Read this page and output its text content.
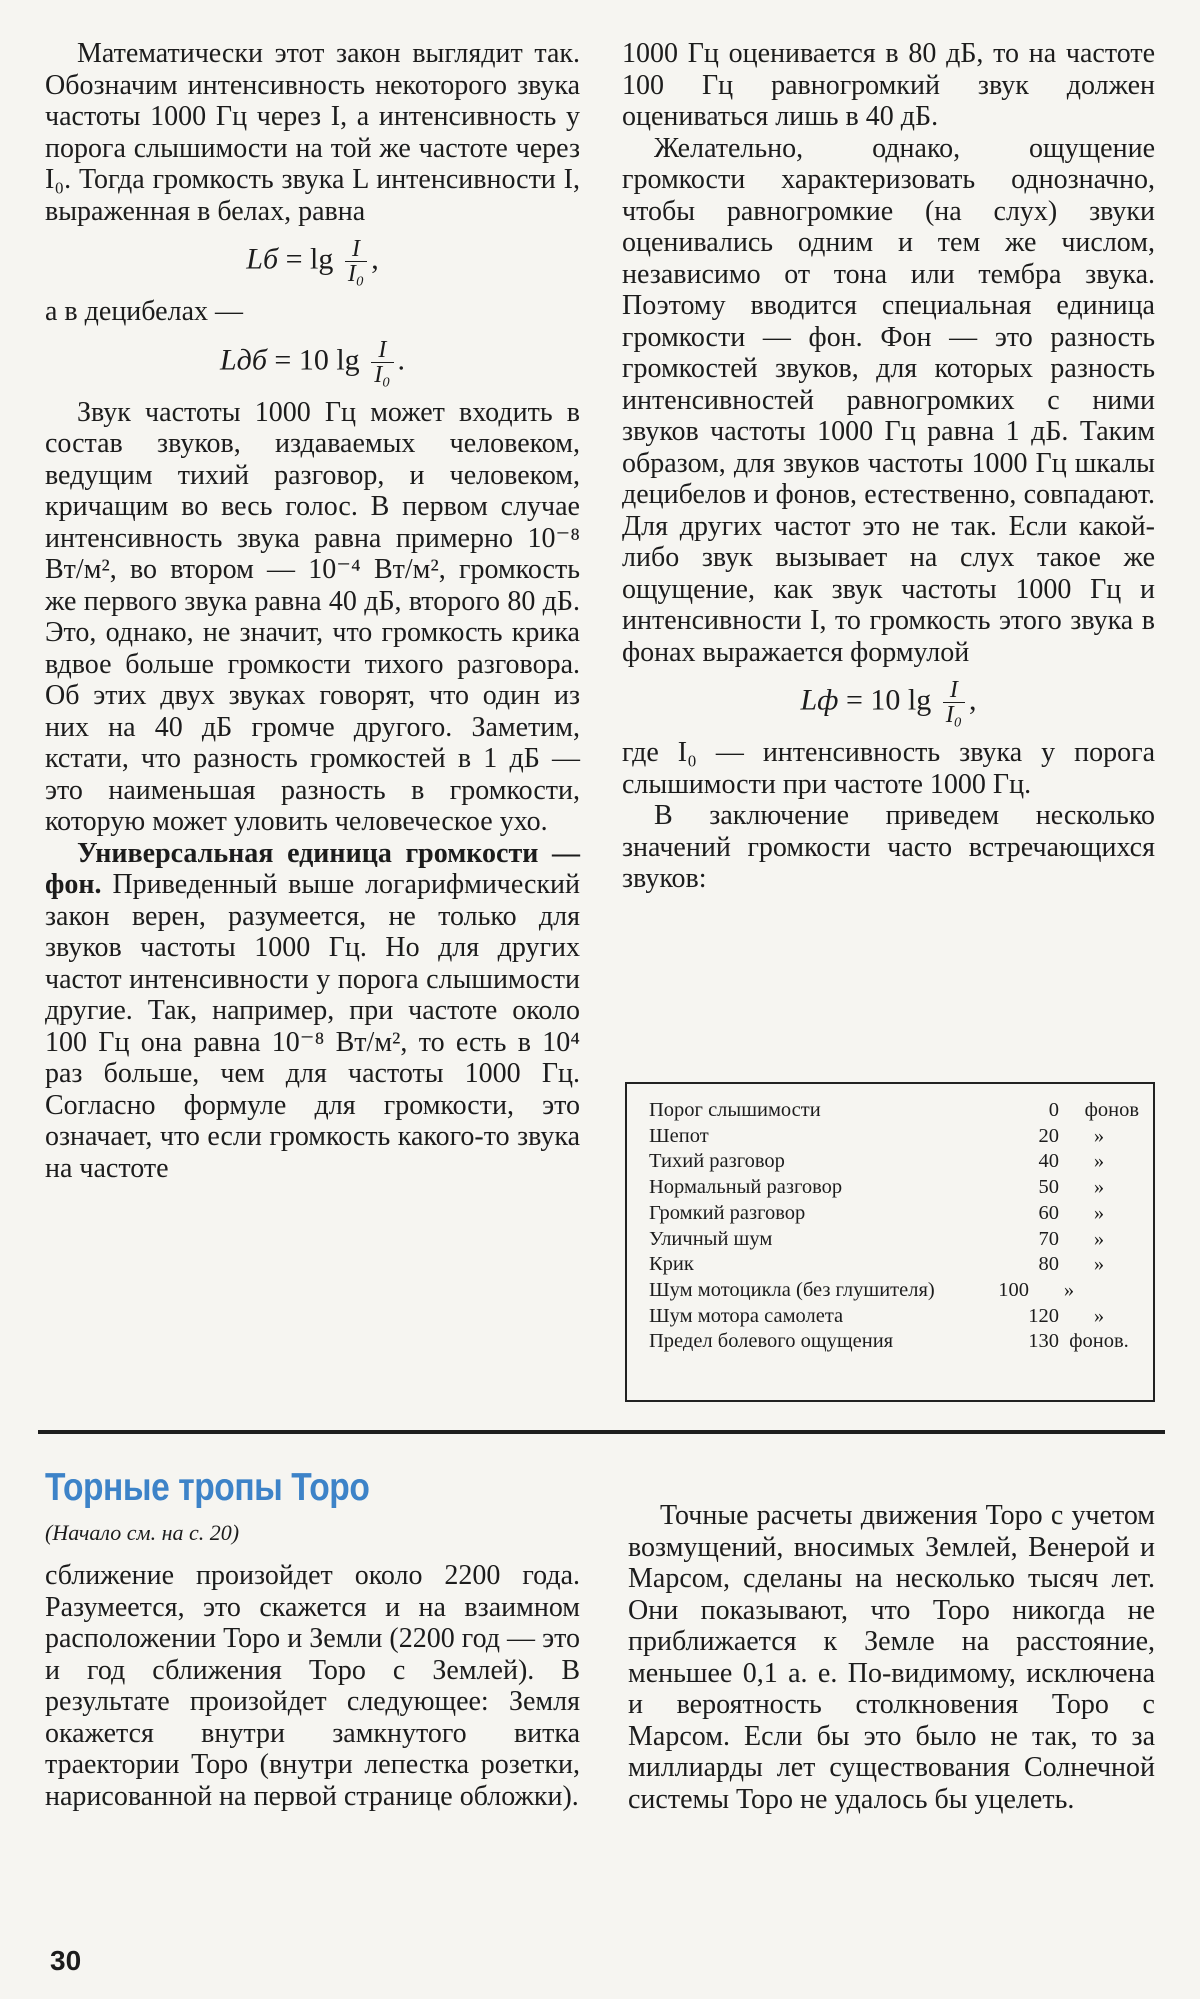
Математически этот закон выглядит так. Обозначим интенсивность некоторого звука частоты 1000 Гц через I, а интенсивность у порога слышимости на той же частоте через I₀. Тогда громкость звука L интенсивности I, выраженная в белах, равна

Lб = $\lg \frac{I}{\text{I₀}}$ ,

а в децибелах —

Lдб = 10 $\lg \frac{I}{\text{I₀}}$ .

Звук частоты 1000 Гц может входить в состав звуков, издаваемых человеком, ведущим тихий разговор, и человеком, кричащим во весь голос. В первом случае интенсивность звука равна примерно 10⁻⁸ Вт/м², во втором — 10⁻⁴ Вт/м², громкость же первого звука равна 40 дБ, второго 80 дБ. Это, однако, не значит, что громкость крика вдвое больше громкости тихого разговора. Об этих двух звуках говорят, что один из них на 40 дБ громче другого. Заметим, кстати, что разность громкостей в 1 дБ — это наименьшая разность в громкости, которую может уловить человеческое ухо.

Универсальная единица громкости — фон. Приведенный выше логарифмический закон верен, разумеется, не только для звуков частоты 1000 Гц. Но для других частот интенсивности у порога слышимости другие. Так, например, при частоте около 100 Гц она равна 10⁻⁸ Вт/м², то есть в 10⁴ раз больше, чем для частоты 1000 Гц. Согласно формуле для громкости, это означает, что если громкость какого-то звука на частоте

1000 Гц оценивается в 80 дБ, то на частоте 100 Гц равногромкий звук должен оцениваться лишь в 40 дБ.

Желательно, однако, ощущение громкости характеризовать однозначно, чтобы равногромкие (на слух) звуки оценивались одним и тем же числом, независимо от тона или тембра звука. Поэтому вводится специальная единица громкости — фон. Фон — это разность громкостей звуков, для которых разность интенсивностей равногромких с ними звуков частоты 1000 Гц равна 1 дБ. Таким образом, для звуков частоты 1000 Гц шкалы децибелов и фонов, естественно, совпадают. Для других частот это не так. Если какой-либо звук вызывает на слух такое же ощущение, как звук частоты 1000 Гц и интенсивности I, то громкость этого звука в фонах выражается формулой

Lф = 10 $\lg \frac{I}{\text{I₀}}$ ,

где I₀ — интенсивность звука у порога слышимости при частоте 1000 Гц.

В заключение приведем несколько значений громкости часто встречающихся звуков:

Порог слышимости	0	фонов
Шепот	20	»
Тихий разговор	40	»
Нормальный разговор	50	»
Громкий разговор	60	»
Уличный шум	70	»
Крик	80	»
Шум мотоцикла (без глушителя)	100	»
Шум мотора самолета	120	»
Предел болевого ощущения	130 фонов.
Торные тропы Торо
(Начало см. на с. 20)

сближение произойдет около 2200 года. Разумеется, это скажется и на взаимном расположении Торо и Земли (2200 год — это и год сближения Торо с Землей). В результате произойдет следующее: Земля окажется внутри замкнутого витка траектории Торо (внутри лепестка розетки, нарисованной на первой странице обложки).

Точные расчеты движения Торо с учетом возмущений, вносимых Землей, Венерой и Марсом, сделаны на несколько тысяч лет. Они показывают, что Торо никогда не приближается к Земле на расстояние, меньшее 0,1 а. е. По-видимому, исключена и вероятность столкновения Торо с Марсом. Если бы это было не так, то за миллиарды лет существования Солнечной системы Торо не удалось бы уцелеть.

30
